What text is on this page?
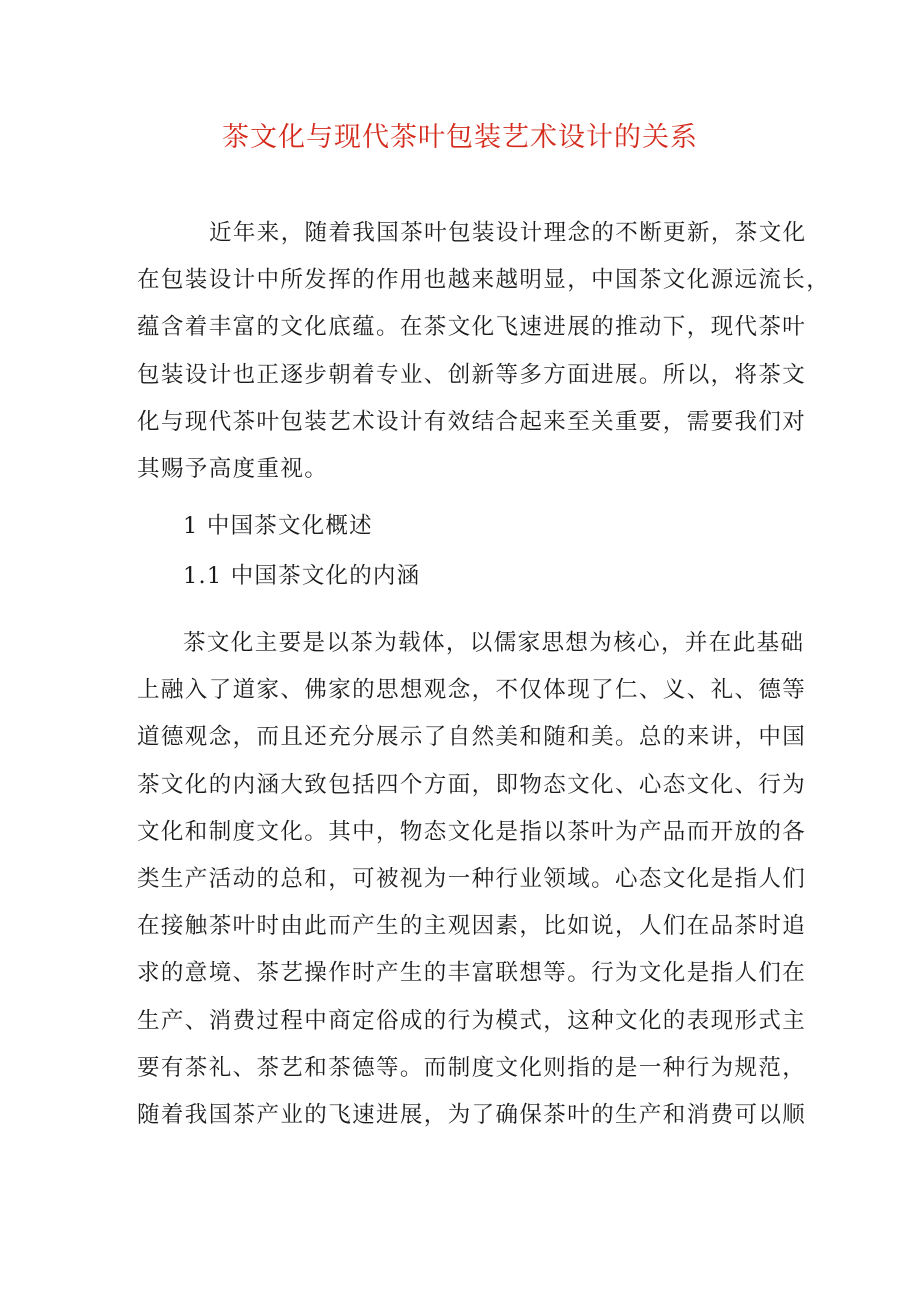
茶文化与现代茶叶包装艺术设计的关系
近年来，随着我国茶叶包装设计理念的不断更新，茶文化
在包装设计中所发挥的作用也越来越明显，中国茶文化源远流长，
蕴含着丰富的文化底蕴。在茶文化飞速进展的推动下，现代茶叶
包装设计也正逐步朝着专业、创新等多方面进展。所以，将茶文
化与现代茶叶包装艺术设计有效结合起来至关重要，需要我们对
其赐予高度重视。
1 中国茶文化概述
1.1 中国茶文化的内涵
茶文化主要是以茶为载体，以儒家思想为核心，并在此基础
上融入了道家、佛家的思想观念，不仅体现了仁、义、礼、德等
道德观念，而且还充分展示了自然美和随和美。总的来讲，中国
茶文化的内涵大致包括四个方面，即物态文化、心态文化、行为
文化和制度文化。其中，物态文化是指以茶叶为产品而开放的各
类生产活动的总和，可被视为一种行业领域。心态文化是指人们
在接触茶叶时由此而产生的主观因素，比如说，人们在品茶时追
求的意境、茶艺操作时产生的丰富联想等。行为文化是指人们在
生产、消费过程中商定俗成的行为模式，这种文化的表现形式主
要有茶礼、茶艺和茶德等。而制度文化则指的是一种行为规范，
随着我国茶产业的飞速进展，为了确保茶叶的生产和消费可以顺
